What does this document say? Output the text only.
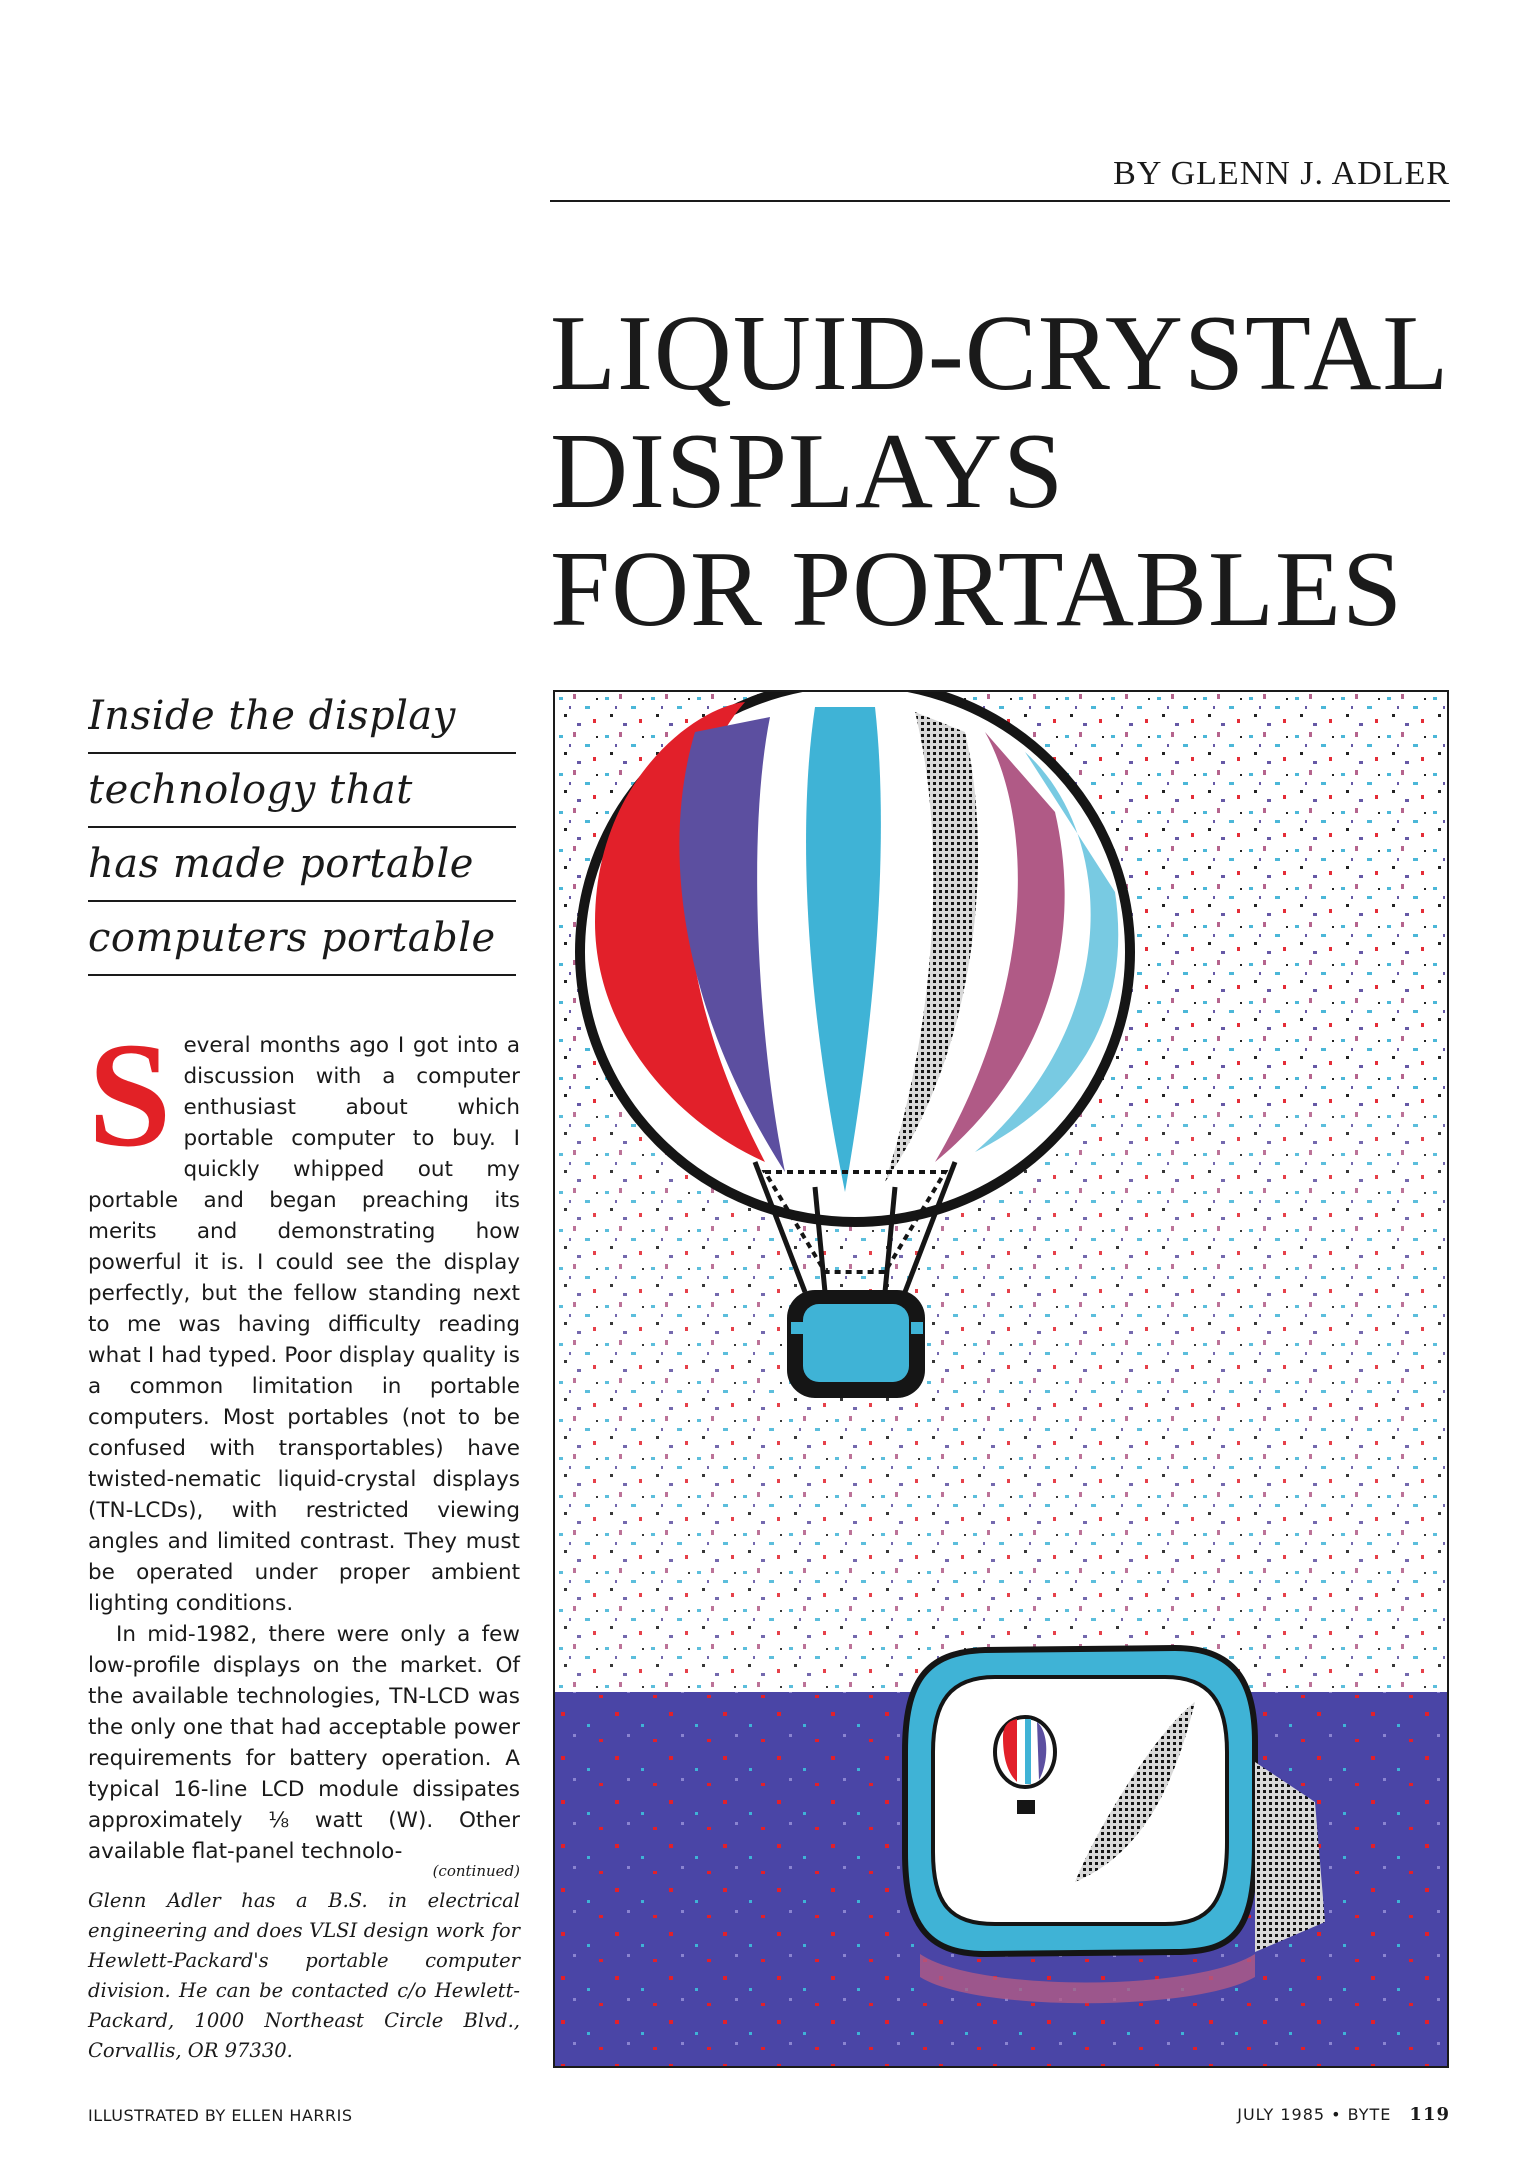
BY GLENN J. ADLER
LIQUID-CRYSTAL
DISPLAYS
FOR PORTABLES
Inside the display
technology that
has made portable
computers portable

Several months ago I got into a discussion with a computer enthusiast about which portable computer to buy. I quickly whipped out my portable and began preaching its merits and demonstrating how powerful it is. I could see the display perfectly, but the fellow standing next to me was having difficulty reading what I had typed. Poor display quality is a common limitation in portable computers. Most portables (not to be confused with transportables) have twisted-nematic liquid-crystal displays (TN-LCDs), with restricted viewing angles and limited contrast. They must be operated under proper ambient lighting conditions.

In mid-1982, there were only a few low-profile displays on the market. Of the available technologies, TN-LCD was the only one that had acceptable power requirements for battery operation. A typical 16-line LCD module dissipates approximately ⅛ watt (W). Other available flat-panel technolo-

(continued)
Glenn Adler has a B.S. in electrical engineering and does VLSI design work for Hewlett-Packard's portable computer division. He can be contacted c/o Hewlett-Packard, 1000 Northeast Circle Blvd., Corvallis, OR 97330.
ILLUSTRATED BY ELLEN HARRIS	JULY 1985 • BYTE 119
